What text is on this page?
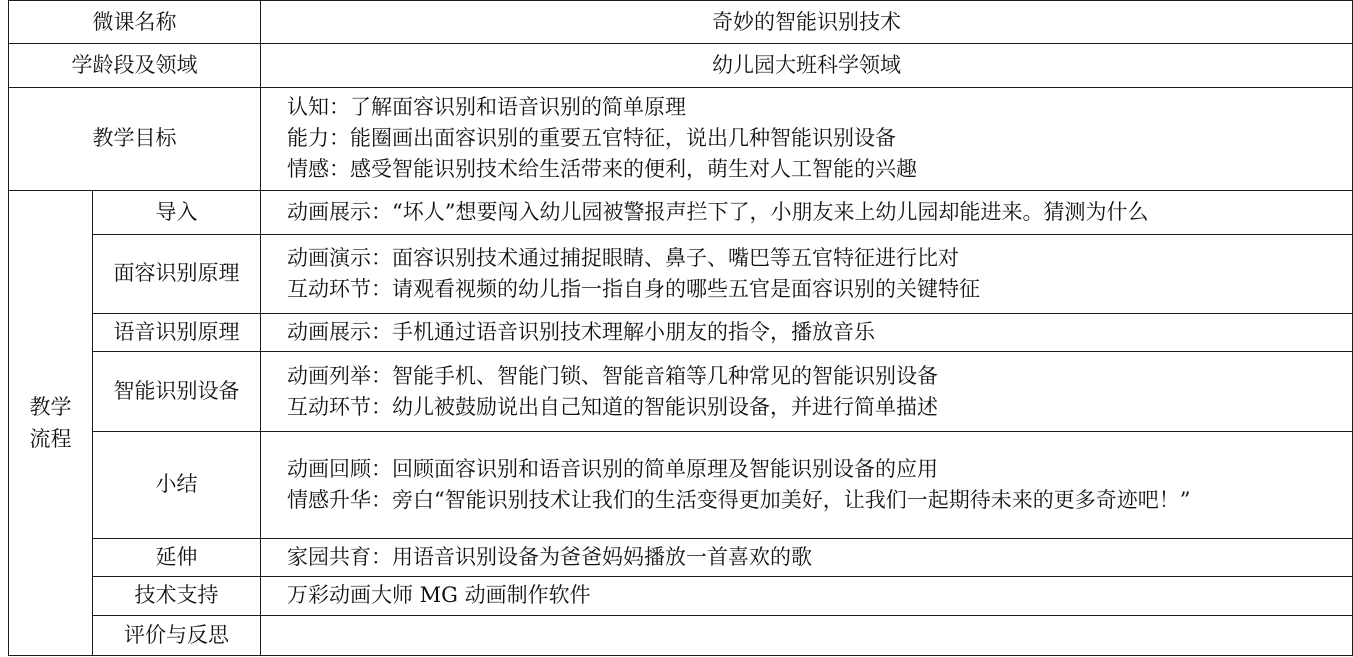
微课名称		奇妙的智能识别技术
学龄段及领域		幼儿园大班科学领域
教学目标		认知：了解面容识别和语音识别的简单原理
能力：能圈画出面容识别的重要五官特征，说出几种智能识别设备
情感：感受智能识别技术给生活带来的便利，萌生对人工智能的兴趣

教学流程	导入	动画展示：“坏人”想要闯入幼儿园被警报声拦下了，小朋友来上幼儿园却能进来。猜测为什么

	面容识别原理	动画演示：面容识别技术通过捕捉眼睛、鼻子、嘴巴等五官特征进行比对
互动环节：请观看视频的幼儿指一指自身的哪些五官是面容识别的关键特征

	语音识别原理	动画展示：手机通过语音识别技术理解小朋友的指令，播放音乐

	智能识别设备	动画列举：智能手机、智能门锁、智能音箱等几种常见的智能识别设备
互动环节：幼儿被鼓励说出自己知道的智能识别设备，并进行简单描述

	小结	动画回顾：回顾面容识别和语音识别的简单原理及智能识别设备的应用
情感升华：旁白“智能识别技术让我们的生活变得更加美好，让我们一起期待未来的更多奇迹吧！”

	延伸	家园共育：用语音识别设备为爸爸妈妈播放一首喜欢的歌

	技术支持	万彩动画大师 MG 动画制作软件

	评价与反思	
